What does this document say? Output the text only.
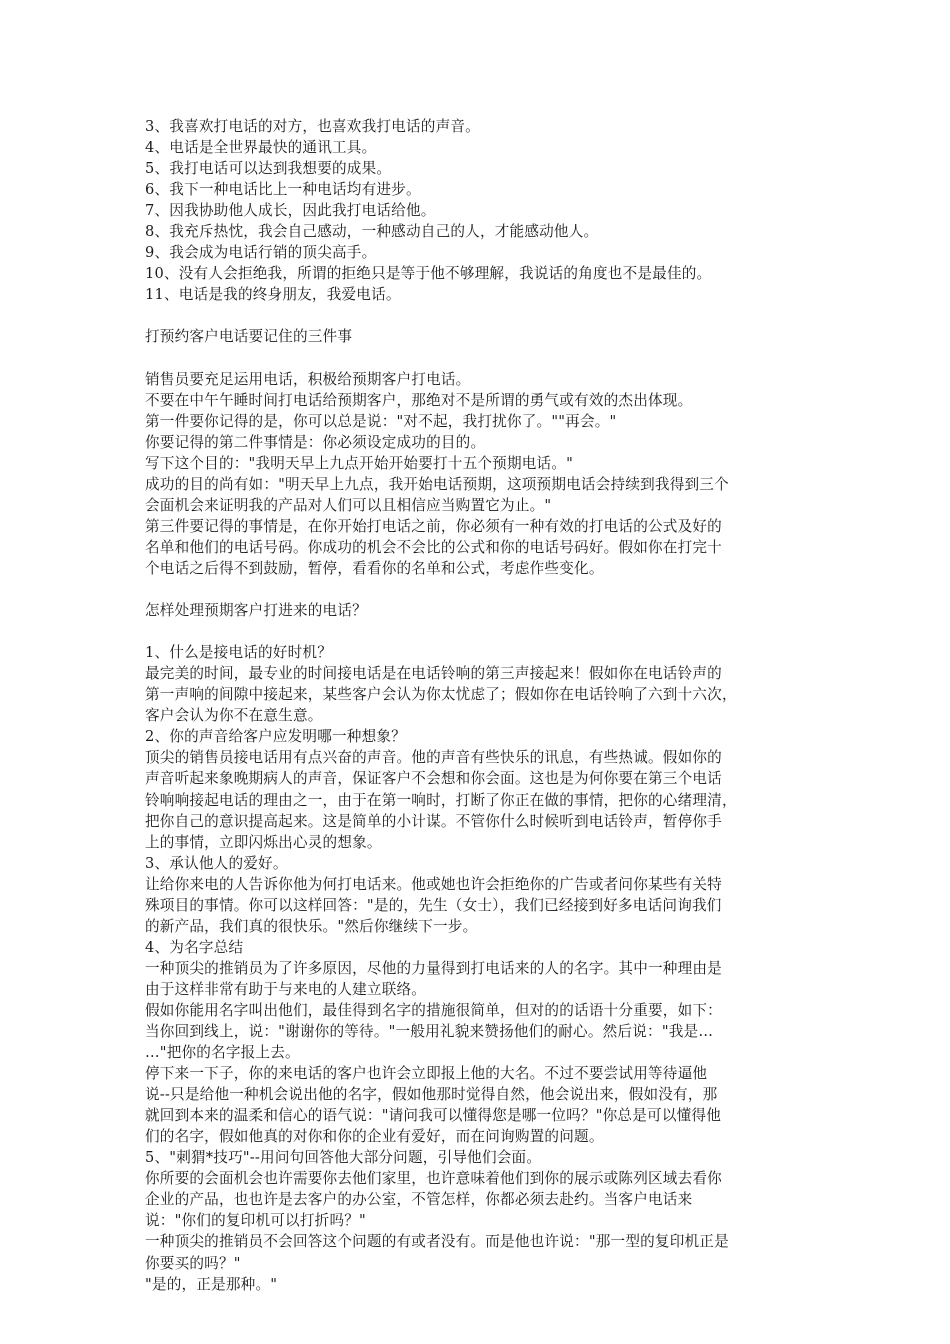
3、我喜欢打电话的对方，也喜欢我打电话的声音。
4、电话是全世界最快的通讯工具。
5、我打电话可以达到我想要的成果。
6、我下一种电话比上一种电话均有进步。
7、因我协助他人成长，因此我打电话给他。
8、我充斥热忱，我会自己感动，一种感动自己的人，才能感动他人。
9、我会成为电话行销的顶尖高手。
10、没有人会拒绝我，所谓的拒绝只是等于他不够理解，我说话的角度也不是最佳的。
11、电话是我的终身朋友，我爱电话。
打预约客户电话要记住的三件事
销售员要充足运用电话，积极给预期客户打电话。
不要在中午午睡时间打电话给预期客户，那绝对不是所谓的勇气或有效的杰出体现。
第一件要你记得的是，你可以总是说："对不起，我打扰你了。""再会。"
你要记得的第二件事情是：你必须设定成功的目的。
写下这个目的："我明天早上九点开始开始要打十五个预期电话。"
成功的目的尚有如："明天早上九点，我开始电话预期，这项预期电话会持续到我得到三个
会面机会来证明我的产品对人们可以且相信应当购置它为止。"
第三件要记得的事情是，在你开始打电话之前，你必须有一种有效的打电话的公式及好的
名单和他们的电话号码。你成功的机会不会比的公式和你的电话号码好。假如你在打完十
个电话之后得不到鼓励，暂停，看看你的名单和公式，考虑作些变化。
怎样处理预期客户打进来的电话？
1、什么是接电话的好时机？
最完美的时间，最专业的时间接电话是在电话铃响的第三声接起来！假如你在电话铃声的
第一声响的间隙中接起来，某些客户会认为你太忧虑了；假如你在电话铃响了六到十六次，
客户会认为你不在意生意。
2、你的声音给客户应发明哪一种想象？
顶尖的销售员接电话用有点兴奋的声音。他的声音有些快乐的讯息，有些热诚。假如你的
声音听起来象晚期病人的声音，保证客户不会想和你会面。这也是为何你要在第三个电话
铃响响接起电话的理由之一，由于在第一响时，打断了你正在做的事情，把你的心绪理清，
把你自己的意识提高起来。这是简单的小计谋。不管你什么时候听到电话铃声，暂停你手
上的事情，立即闪烁出心灵的想象。
3、承认他人的爱好。
让给你来电的人告诉你他为何打电话来。他或她也许会拒绝你的广告或者问你某些有关特
殊项目的事情。你可以这样回答："是的，先生（女士），我们已经接到好多电话问询我们
的新产品，我们真的很快乐。"然后你继续下一步。
4、为名字总结
一种顶尖的推销员为了许多原因，尽他的力量得到打电话来的人的名字。其中一种理由是
由于这样非常有助于与来电的人建立联络。
假如你能用名字叫出他们，最佳得到名字的措施很简单，但对的的话语十分重要，如下：
当你回到线上，说："谢谢你的等待。"一般用礼貌来赞扬他们的耐心。然后说："我是…
…"把你的名字报上去。
停下来一下子，你的来电话的客户也许会立即报上他的大名。不过不要尝试用等待逼他
说--只是给他一种机会说出他的名字，假如他那时觉得自然，他会说出来，假如没有，那
就回到本来的温柔和信心的语气说："请问我可以懂得您是哪一位吗？"你总是可以懂得他
们的名字，假如他真的对你和你的企业有爱好，而在问询购置的问题。
5、"刺猬*技巧"--用问句回答他大部分问题，引导他们会面。
你所要的会面机会也许需要你去他们家里，也许意味着他们到你的展示或陈列区域去看你
企业的产品，也也许是去客户的办公室，不管怎样，你都必须去赴约。当客户电话来
说："你们的复印机可以打折吗？"
一种顶尖的推销员不会回答这个问题的有或者没有。而是他也许说："那一型的复印机正是
你要买的吗？"
"是的，正是那种。"
